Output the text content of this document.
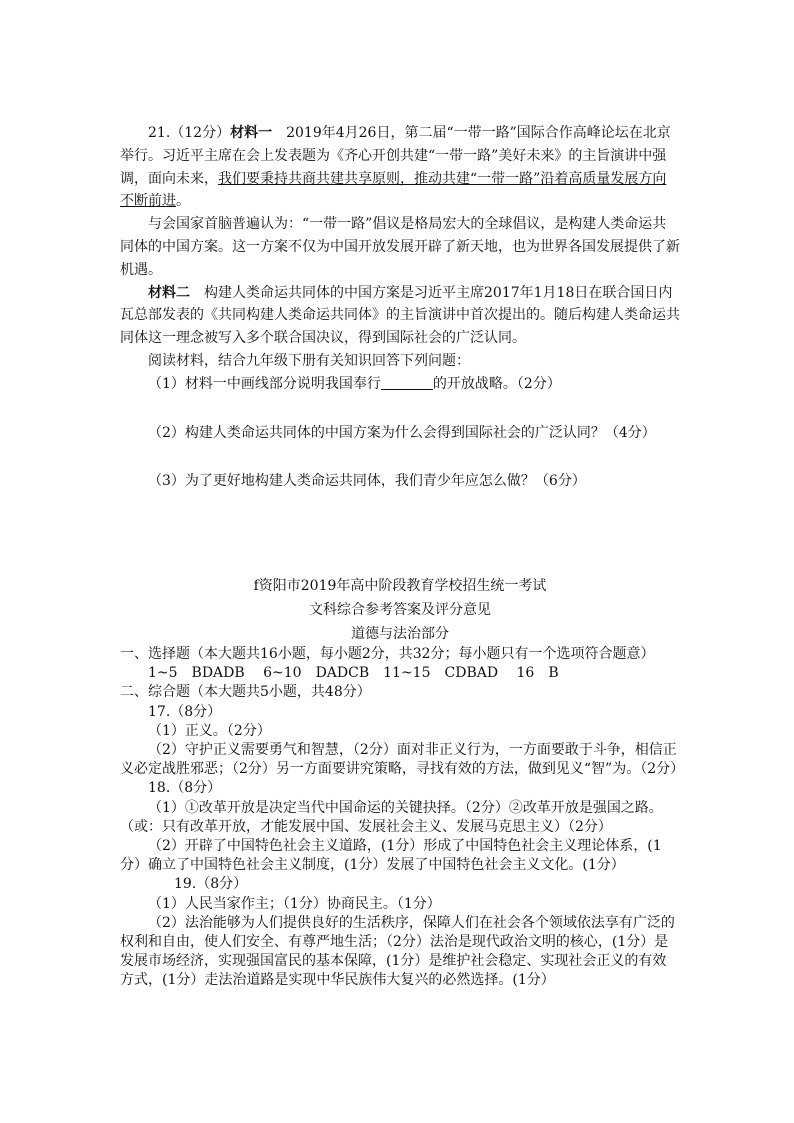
21.（12分）材料一　2019年4月26日，第二届“一带一路”国际合作高峰论坛在北京举行。习近平主席在会上发表题为《齐心开创共建“一带一路”美好未来》的主旨演讲中强调，面向未来，我们要秉持共商共建共享原则，推动共建“一带一路”沿着高质量发展方向不断前进。

与会国家首脑普遍认为：“一带一路”倡议是格局宏大的全球倡议，是构建人类命运共同体的中国方案。这一方案不仅为中国开放发展开辟了新天地，也为世界各国发展提供了新机遇。

材料二　构建人类命运共同体的中国方案是习近平主席2017年1月18日在联合国日内瓦总部发表的《共同构建人类命运共同体》的主旨演讲中首次提出的。随后构建人类命运共同体这一理念被写入多个联合国决议，得到国际社会的广泛认同。

阅读材料，结合九年级下册有关知识回答下列问题：

（1）材料一中画线部分说明我国奉行	的开放战略。（2分）

（2）构建人类命运共同体的中国方案为什么会得到国际社会的广泛认同？（4分）

（3）为了更好地构建人类命运共同体，我们青少年应怎么做？（6分）

f资阳市2019年高中阶段教育学校招生统一考试

文科综合参考答案及评分意见

道德与法治部分

一、选择题（本大题共16小题，每小题2分，共32分；每小题只有一个选项符合题意）

1~5　BDADB　 6~10　DADCB　11~15　CDBAD　 16　B

二、综合题（本大题共5小题，共48分）

17.（8分）

（1）正义。（2分）

（2）守护正义需要勇气和智慧，（2分）面对非正义行为，一方面要敢于斗争，相信正义必定战胜邪恶；（2分）另一方面要讲究策略，寻找有效的方法，做到见义“智”为。（2分）

18.（8分）

（1）①改革开放是决定当代中国命运的关键抉择。（2分）②改革开放是强国之路。（或：只有改革开放，才能发展中国、发展社会主义、发展马克思主义）（2分）

（2）开辟了中国特色社会主义道路，(1分）形成了中国特色社会主义理论体系，(1分）确立了中国特色社会主义制度，(1分）发展了中国特色社会主义文化。(1分）

19.（8分）

（1）人民当家作主；（1分）协商民主。（1分）

（2）法治能够为人们提供良好的生活秩序，保障人们在社会各个领域依法享有广泛的权利和自由，使人们安全、有尊严地生活；（2分）法治是现代政治文明的核心，(1分）是发展市场经济，实现强国富民的基本保障，(1分）是维护社会稳定、实现社会正义的有效方式，(1分）走法治道路是实现中华民族伟大复兴的必然选择。(1分）
